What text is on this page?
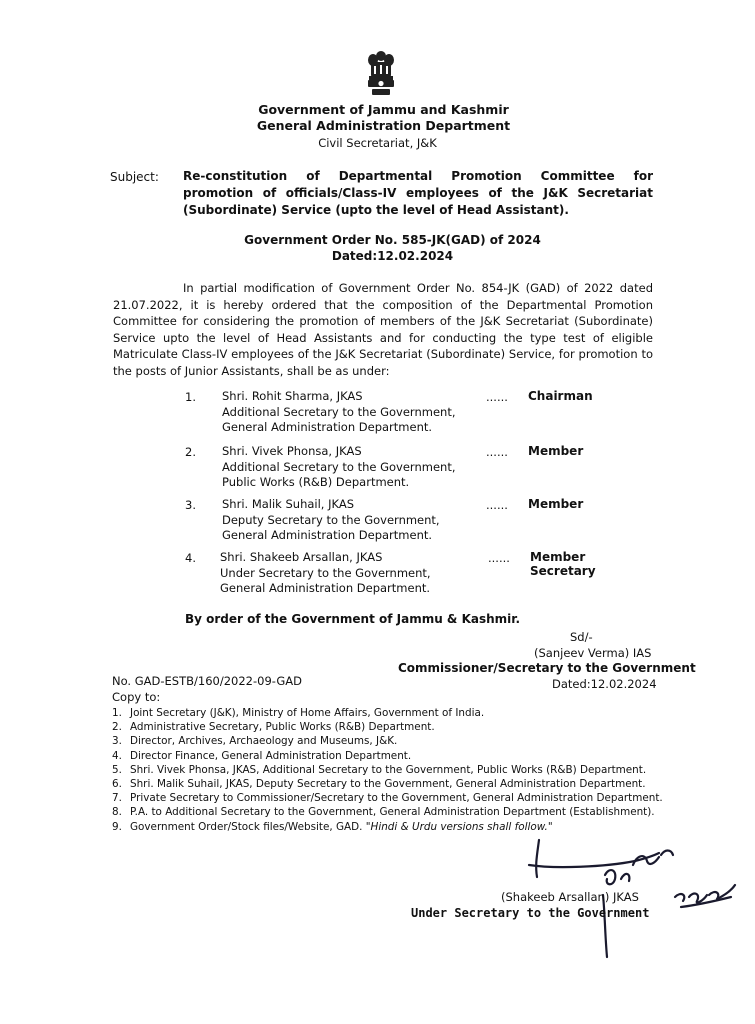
Government of Jammu and Kashmir
General Administration Department
Civil Secretariat, J&K
Subject: Re-constitution of Departmental Promotion Committee for promotion of officials/Class-IV employees of the J&K Secretariat (Subordinate) Service (upto the level of Head Assistant).
Government Order No. 585-JK(GAD) of 2024
Dated:12.02.2024
In partial modification of Government Order No. 854-JK (GAD) of 2022 dated 21.07.2022, it is hereby ordered that the composition of the Departmental Promotion Committee for considering the promotion of members of the J&K Secretariat (Subordinate) Service upto the level of Head Assistants and for conducting the type test of eligible Matriculate Class-IV employees of the J&K Secretariat (Subordinate) Service, for promotion to the posts of Junior Assistants, shall be as under:
1. Shri. Rohit Sharma, JKAS
Additional Secretary to the Government,
General Administration Department.
...... Chairman
2. Shri. Vivek Phonsa, JKAS
Additional Secretary to the Government,
Public Works (R&B) Department.
...... Member
3. Shri. Malik Suhail, JKAS
Deputy Secretary to the Government,
General Administration Department.
...... Member
4. Shri. Shakeeb Arsallan, JKAS
Under Secretary to the Government,
General Administration Department.
...... Member Secretary
By order of the Government of Jammu & Kashmir.
Sd/-
(Sanjeev Verma) IAS
Commissioner/Secretary to the Government
No. GAD-ESTB/160/2022-09-GAD	Dated:12.02.2024
Copy to:
1. Joint Secretary (J&K), Ministry of Home Affairs, Government of India.
2. Administrative Secretary, Public Works (R&B) Department.
3. Director, Archives, Archaeology and Museums, J&K.
4. Director Finance, General Administration Department.
5. Shri. Vivek Phonsa, JKAS, Additional Secretary to the Government, Public Works (R&B) Department.
6. Shri. Malik Suhail, JKAS, Deputy Secretary to the Government, General Administration Department.
7. Private Secretary to Commissioner/Secretary to the Government, General Administration Department.
8. P.A. to Additional Secretary to the Government, General Administration Department (Establishment).
9. Government Order/Stock files/Website, GAD. "Hindi & Urdu versions shall follow."
(Shakeeb Arsallan) JKAS
Under Secretary to the Government
